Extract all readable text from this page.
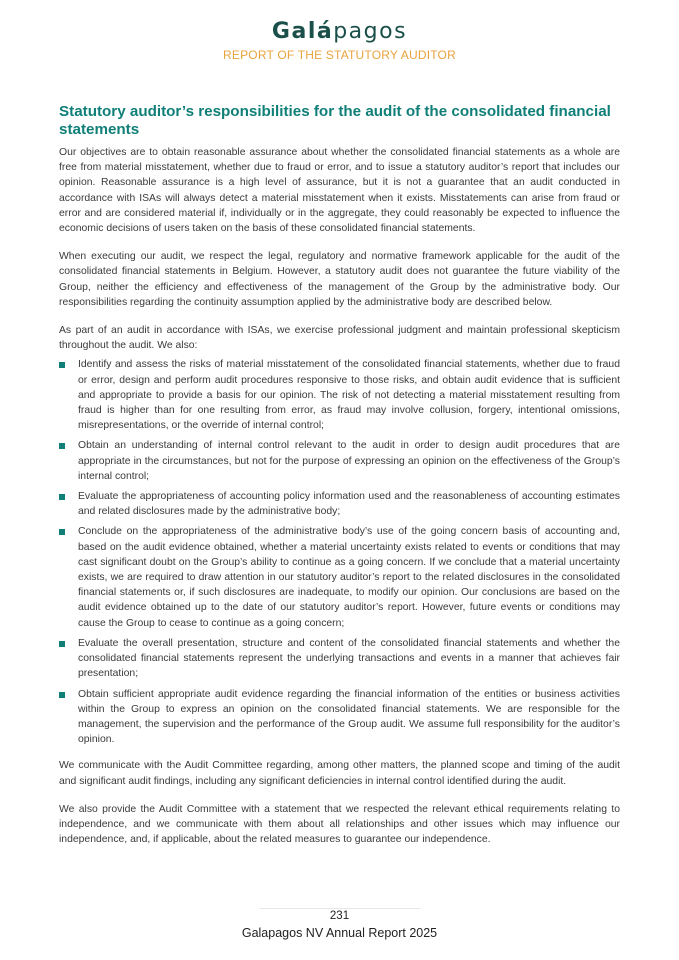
Galápagos
REPORT OF THE STATUTORY AUDITOR
Statutory auditor’s responsibilities for the audit of the consolidated financial statements

Our objectives are to obtain reasonable assurance about whether the consolidated financial statements as a whole are free from material misstatement, whether due to fraud or error, and to issue a statutory auditor’s report that includes our opinion. Reasonable assurance is a high level of assurance, but it is not a guarantee that an audit conducted in accordance with ISAs will always detect a material misstatement when it exists. Misstatements can arise from fraud or error and are considered material if, individually or in the aggregate, they could reasonably be expected to influence the economic decisions of users taken on the basis of these consolidated financial statements.

When executing our audit, we respect the legal, regulatory and normative framework applicable for the audit of the consolidated financial statements in Belgium. However, a statutory audit does not guarantee the future viability of the Group, neither the efficiency and effectiveness of the management of the Group by the administrative body. Our responsibilities regarding the continuity assumption applied by the administrative body are described below.

As part of an audit in accordance with ISAs, we exercise professional judgment and maintain professional skepticism throughout the audit. We also:

Identify and assess the risks of material misstatement of the consolidated financial statements, whether due to fraud or error, design and perform audit procedures responsive to those risks, and obtain audit evidence that is sufficient and appropriate to provide a basis for our opinion. The risk of not detecting a material misstatement resulting from fraud is higher than for one resulting from error, as fraud may involve collusion, forgery, intentional omissions, misrepresentations, or the override of internal control;
Obtain an understanding of internal control relevant to the audit in order to design audit procedures that are appropriate in the circumstances, but not for the purpose of expressing an opinion on the effectiveness of the Group’s internal control;
Evaluate the appropriateness of accounting policy information used and the reasonableness of accounting estimates and related disclosures made by the administrative body;
Conclude on the appropriateness of the administrative body’s use of the going concern basis of accounting and, based on the audit evidence obtained, whether a material uncertainty exists related to events or conditions that may cast significant doubt on the Group’s ability to continue as a going concern. If we conclude that a material uncertainty exists, we are required to draw attention in our statutory auditor’s report to the related disclosures in the consolidated financial statements or, if such disclosures are inadequate, to modify our opinion. Our conclusions are based on the audit evidence obtained up to the date of our statutory auditor’s report. However, future events or conditions may cause the Group to cease to continue as a going concern;
Evaluate the overall presentation, structure and content of the consolidated financial statements and whether the consolidated financial statements represent the underlying transactions and events in a manner that achieves fair presentation;
Obtain sufficient appropriate audit evidence regarding the financial information of the entities or business activities within the Group to express an opinion on the consolidated financial statements. We are responsible for the management, the supervision and the performance of the Group audit. We assume full responsibility for the auditor’s opinion.

We communicate with the Audit Committee regarding, among other matters, the planned scope and timing of the audit and significant audit findings, including any significant deficiencies in internal control identified during the audit.

We also provide the Audit Committee with a statement that we respected the relevant ethical requirements relating to independence, and we communicate with them about all relationships and other issues which may influence our independence, and, if applicable, about the related measures to guarantee our independence.

231
Galapagos NV Annual Report 2025
